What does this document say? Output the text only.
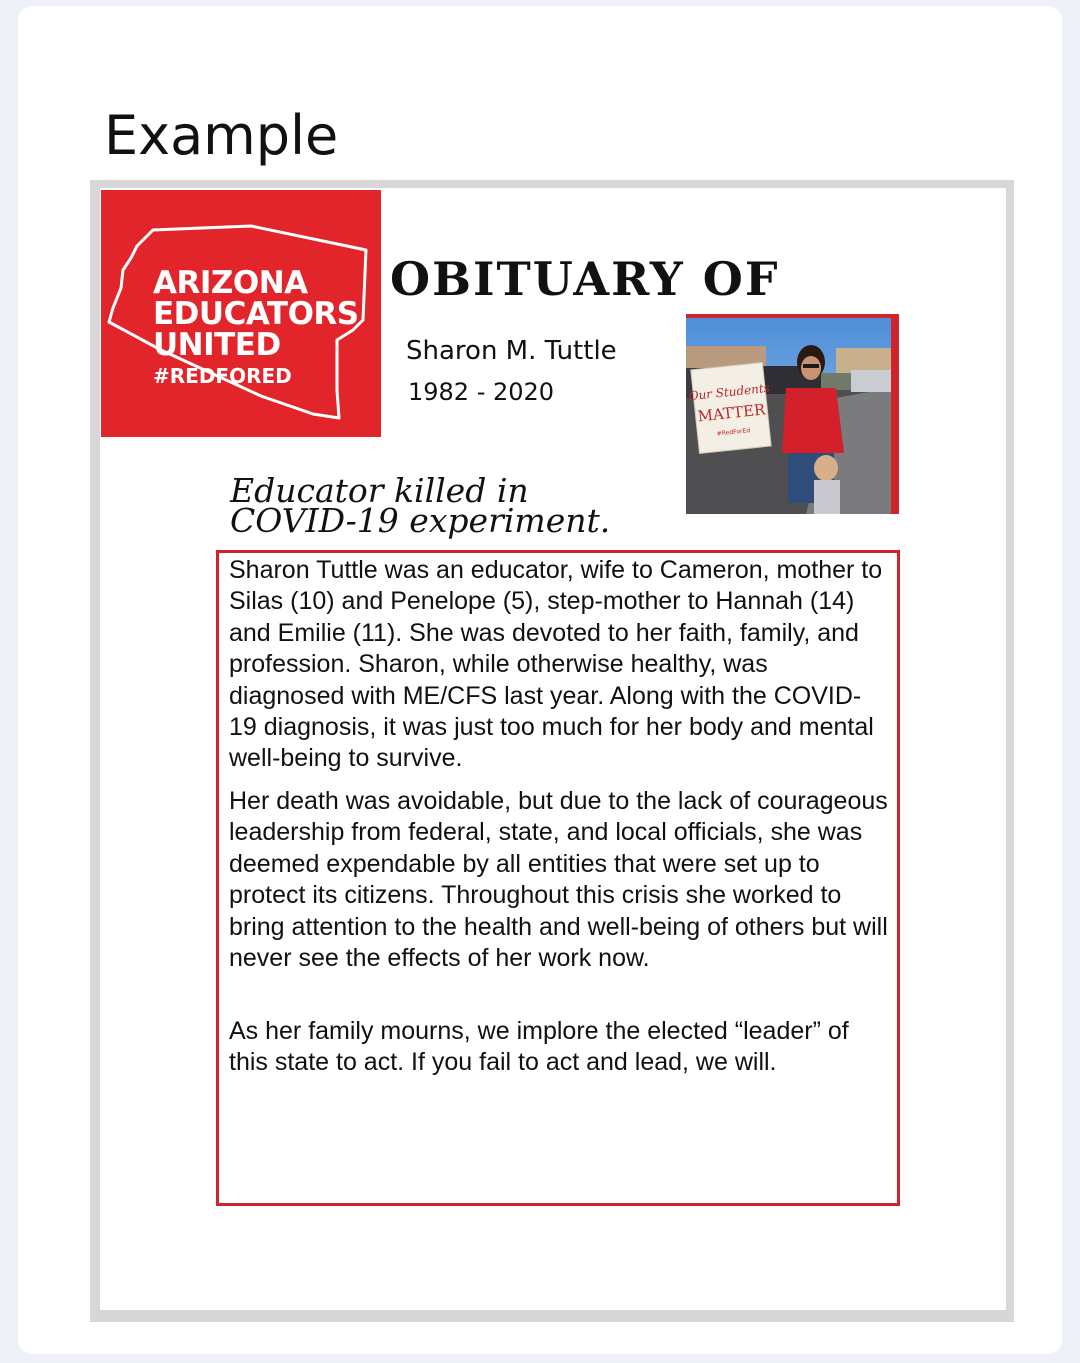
Example
ARIZONA
EDUCATORS
UNITED
#REDFORED
OBITUARY OF
Sharon M. Tuttle
1982 - 2020	Our Students
MATTER
#RedForEd
Educator killed in
COVID-19 experiment.
Sharon Tuttle was an educator, wife to Cameron, mother to Silas (10) and Penelope (5), step-mother to Hannah (14) and Emilie (11). She was devoted to her faith, family, and profession. Sharon, while otherwise healthy, was diagnosed with ME/CFS last year. Along with the COVID-19 diagnosis, it was just too much for her body and mental well-being to survive.
Her death was avoidable, but due to the lack of courageous leadership from federal, state, and local officials, she was deemed expendable by all entities that were set up to protect its citizens. Throughout this crisis she worked to bring attention to the health and well-being of others but will never see the effects of her work now.
As her family mourns, we implore the elected “leader” of this state to act. If you fail to act and lead, we will.
